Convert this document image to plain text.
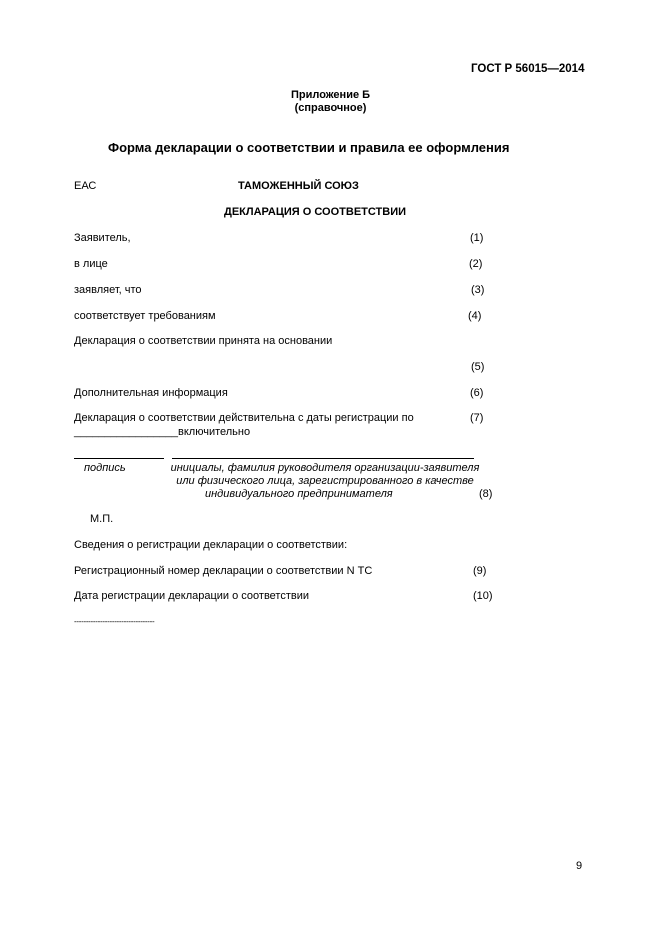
ГОСТ Р 56015—2014
Приложение Б
(справочное)
Форма декларации о соответствии и правила ее оформления
ЕАС	ТАМОЖЕННЫЙ СОЮЗ
ДЕКЛАРАЦИЯ О СООТВЕТСТВИИ
Заявитель,	(1)
в лице	(2)
заявляет, что	(3)
соответствует требованиям	(4)
Декларация о соответствии принята на основании
(5)
Дополнительная информация	(6)
Декларация о соответствии действительна с даты регистрации по	(7)
_________________включительно
подпись	инициалы, фамилия руководителя организации-заявителя
или физического лица, зарегистрированного в качестве
индивидуального предпринимателя	(8)
М.П.
Сведения о регистрации декларации о соответствии:
Регистрационный номер декларации о соответствии N ТС	(9)
Дата регистрации декларации о соответствии	(10)
----------------------------------
9
